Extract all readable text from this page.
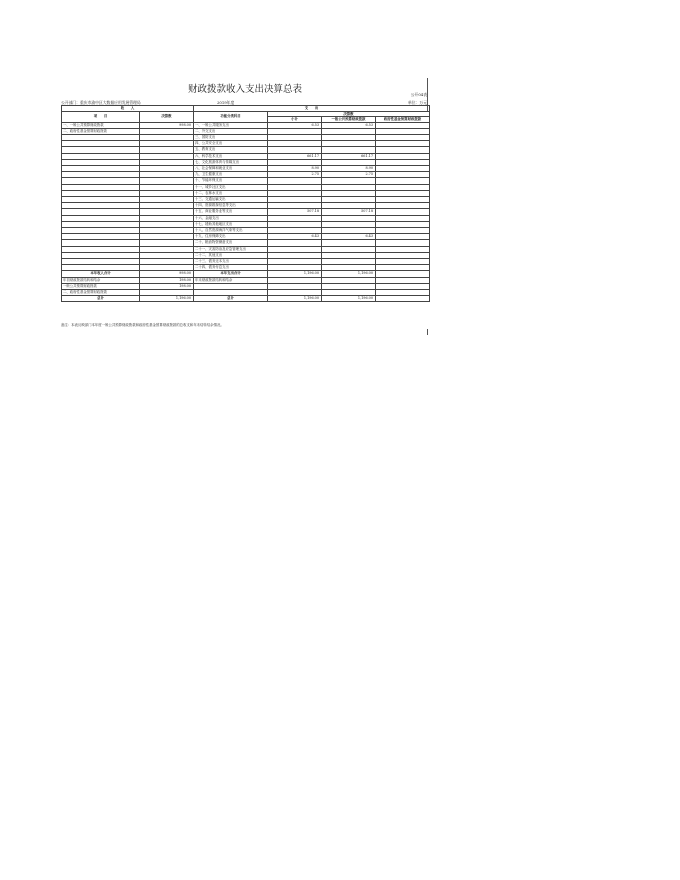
财政拨款收入支出决算总表	公开04表
公开部门：重庆市渝中区大数据应用发展管理局	2019年度	单位：万元
收　　入		支　　出			
项　　目	决算数	功能分类科目	决算数		
			小计	一般公共预算财政拨款	政府性基金预算财政拨款
一、一般公共预算财政拨款	998.00	一、一般公共服务支出	6.53	6.53	
二、政府性基金预算财政拨款		二、外交支出			
		三、国防支出			
		四、公共安全支出			
		五、教育支出			
		六、科学技术支出	661.17	661.17	
		七、文化旅游体育与传媒支出			
		八、社会保障和就业支出	8.90	8.90	
		九、卫生健康支出	2.75	2.75	
		十、节能环保支出			
		十一、城乡社区支出			
		十二、农林水支出			
		十三、交通运输支出			
		十四、资源勘探信息等支出			
		十五、商业服务业等支出	507.18	507.18	
		十六、金融支出			
		十七、援助其他地区支出			
		十八、自然资源海洋气象等支出			
		十九、住房保障支出	6.43	6.43	
		二十、粮油物资储备支出			
		二十一、灾害防治及应急管理支出			
		二十二、其他支出			
		二十三、债务还本支出			
		二十四、债务付息支出			
本年收入合计	998.00	本年支出合计	1,196.00	1,196.00	
年初财政拨款结转和结余	198.00	年末财政拨款结转和结余			
一般公共预算财政拨款	198.00				
二、政府性基金预算财政拨款					
总计	1,196.00	总计	1,196.00	1,196.00	
备注：本表反映部门本年度一般公共预算财政拨款和政府性基金预算财政拨款的总收支和年末结转结余情况。
